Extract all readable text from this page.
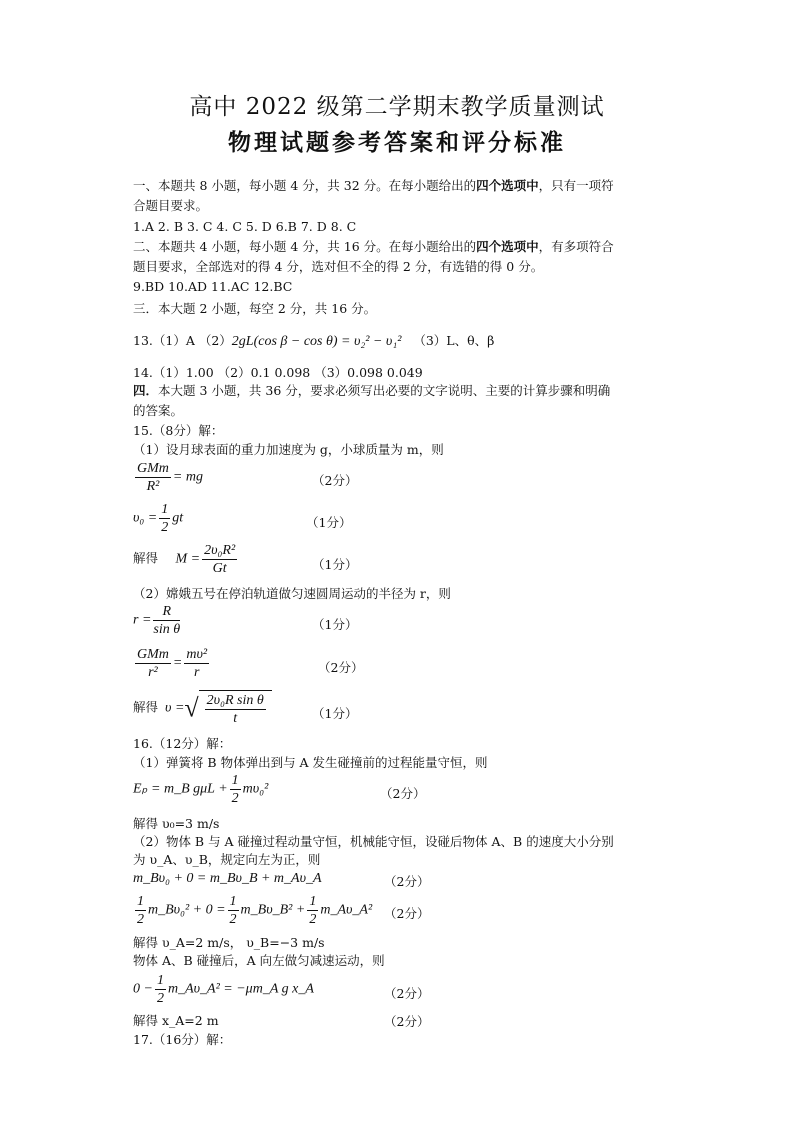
高中 2022 级第二学期末教学质量测试
物理试题参考答案和评分标准
一、本题共 8 小题，每小题 4 分，共 32 分。在每小题给出的四个选项中，只有一项符
合题目要求。
1.A 2. B 3. C 4. C 5. D 6.B 7. D 8. C
二、本题共 4 小题，每小题 4 分，共 16 分。在每小题给出的四个选项中，有多项符合
题目要求，全部选对的得 4 分，选对但不全的得 2 分，有选错的得 0 分。
9.BD 10.AD 11.AC 12.BC
三．本大题 2 小题，每空 2 分，共 16 分。
13.（1）A （2）2gL(cos β − cos θ) = υ₂² − υ₁² （3）L、θ、β
14.（1）1.00 （2）0.1 0.098 （3）0.098 0.049
四．本大题 3 小题，共 36 分，要求必须写出必要的文字说明、主要的计算步骤和明确
的答案。
15.（8分）解：
（1）设月球表面的重力加速度为 g，小球质量为 m，则
$\frac{\text{GMm}}{\text{R²}}$ = mg	（2分）
$\upsilon_0 = \frac{1}{2}$ gt	（1分）
解得 $M = \frac{\text{2υ₀R²}}{Gt}$	（1分）
（2）嫦娥五号在停泊轨道做匀速圆周运动的半径为 r，则
$r = \frac{R}{\text{sin θ}}$	（1分）
$\frac{\text{GMm}}{\text{r²}} = \frac{\text{mυ²}}{r}$	（2分）
解得 υ =√ $\frac{\text{2υ₀R sin θ}}{t}$	（1分）
16.（12分）解：
（1）弹簧将 B 物体弹出到与 A 发生碰撞前的过程能量守恒，则
Eₚ = m_B $g\mu L + \frac{1}{2} m\upsilon_0^2$	（2分）
解得 υ₀=3 m/s
（2）物体 B 与 A 碰撞过程动量守恒，机械能守恒，设碰后物体 A、B 的速度大小分别
为 υ_A、υ_B，规定向左为正，则
m_Bυ₀ + 0 = m_Bυ_B + m_Aυ_A	（2分）
$\frac{1}{2}$ m_Bυ₀² + $0 = \frac{1}{2}$ m_Bυ_B² + $\frac{1}{2}$ m_Aυ_A² （2分）
解得 υ_A=2 m/s， υ_B=−3 m/s
物体 A、B 碰撞后，A 向左做匀减速运动，则
$0 - \frac{1}{2}$ m_Aυ_A² = −μm_A g x_A	（2分）
解得 x_A=2 m	（2分）
17.（16分）解：
